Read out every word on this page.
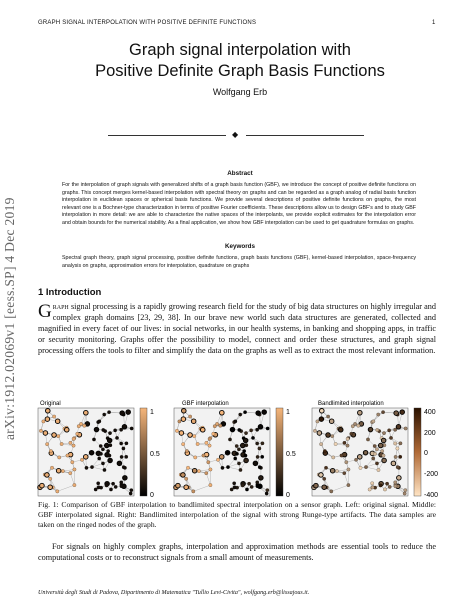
GRAPH SIGNAL INTERPOLATION WITH POSITIVE DEFINITE FUNCTIONS	1
Graph signal interpolation with
Positive Definite Graph Basis Functions
Wolfgang Erb
◆
Abstract
For the interpolation of graph signals with generalized shifts of a graph basis function (GBF), we introduce the concept of positive definite functions on graphs. This concept merges kernel-based interpolation with spectral theory on graphs and can be regarded as a graph analog of radial basis function interpolation in euclidean spaces or spherical basis functions. We provide several descriptions of positive definite functions on graphs, the most relevant one is a Bochner-type characterization in terms of positive Fourier coefficients. These descriptions allow us to design GBF's and to study GBF interpolation in more detail: we are able to characterize the native spaces of the interpolants, we provide explicit estimates for the interpolation error and obtain bounds for the numerical stability. As a final application, we show how GBF interpolation can be used to get quadrature formulas on graphs.
Keywords
Spectral graph theory, graph signal processing, positive definite functions, graph basis functions (GBF), kernel-based interpolation, space-frequency analysis on graphs, approximation errors for interpolation, quadrature on graphs
arXiv:1912.02069v1 [eess.SP] 4 Dec 2019 1 Introduction
Graph signal processing is a rapidly growing research field for the study of big data structures on highly irregular and complex graph domains [23, 29, 38]. In our brave new world such data structures are generated, collected and magnified in every facet of our lives: in social networks, in our health systems, in banking and shopping apps, in traffic or security monitoring. Graphs offer the possibility to model, connect and order these structures, and graph signal processing offers the tools to filter and simplify the data on the graphs as well as to extract the most relevant information.
Original	GBF interpolation	Bandlimited interpolation
1
0.5
0
1
0.5
0
400
200
0
-200
-400
Fig. 1: Comparison of GBF interpolation to bandlimited spectral interpolation on a sensor graph. Left: original signal. Middle: GBF interpolated signal. Right: Bandlimited interpolation of the signal with strong Runge-type artifacts. The data samples are taken on the ringed nodes of the graph.
For signals on highly complex graphs, interpolation and approximation methods are essential tools to reduce the computational costs or to reconstruct signals from a small amount of measurements.
Università degli Studi di Padova, Dipartimento di Matematica "Tullio Levi-Civita", wolfgang.erb@lissajous.it.
